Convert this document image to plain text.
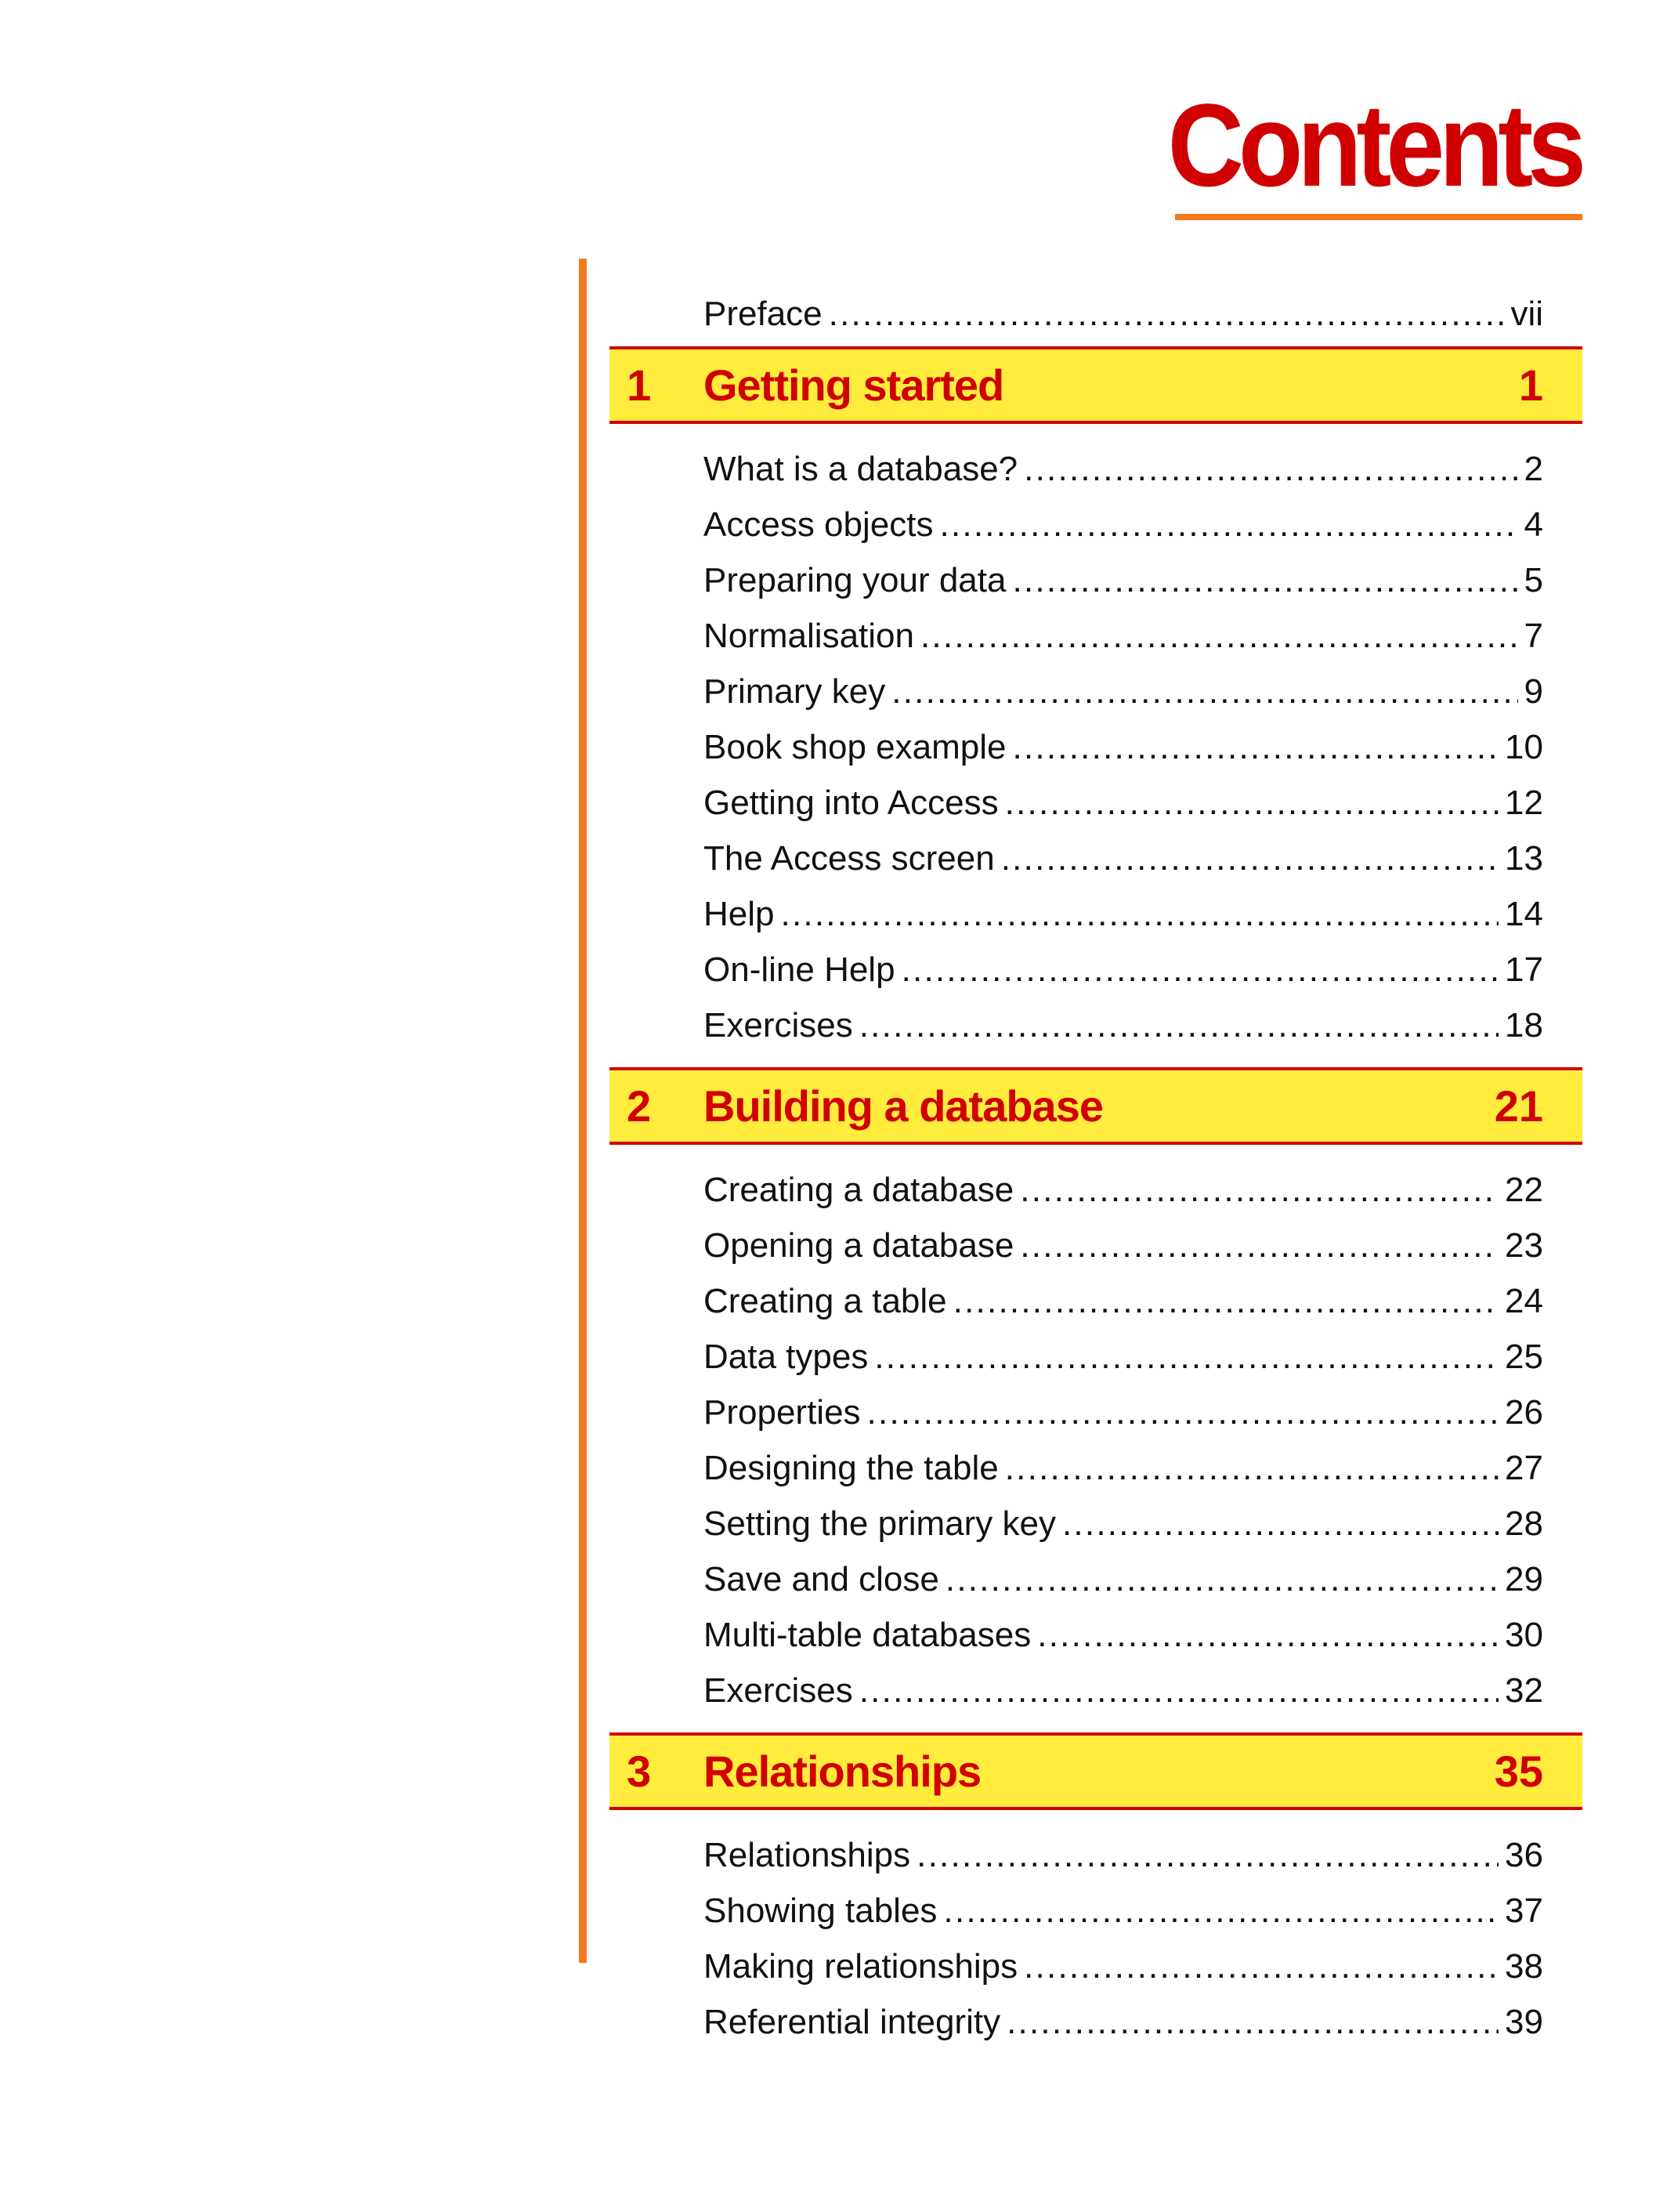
Contents
Preface . . .	vii
1	Getting started	1
What is a database? . . .	2
Access objects . . .	4
Preparing your data . . .	5
Normalisation . . .	7
Primary key . . .	9
Book shop example . . .	10
Getting into Access . . .	12
The Access screen . . .	13
Help . . .	14
On-line Help . . .	17
Exercises . . .	18
2	Building a database	21
Creating a database . . .	22
Opening a database . . .	23
Creating a table . . .	24
Data types . . .	25
Properties . . .	26
Designing the table . . .	27
Setting the primary key . . .	28
Save and close . . .	29
Multi-table databases . . .	30
Exercises . . .	32
3	Relationships	35
Relationships . . .	36
Showing tables . . .	37
Making relationships . . .	38
Referential integrity . . .	39
